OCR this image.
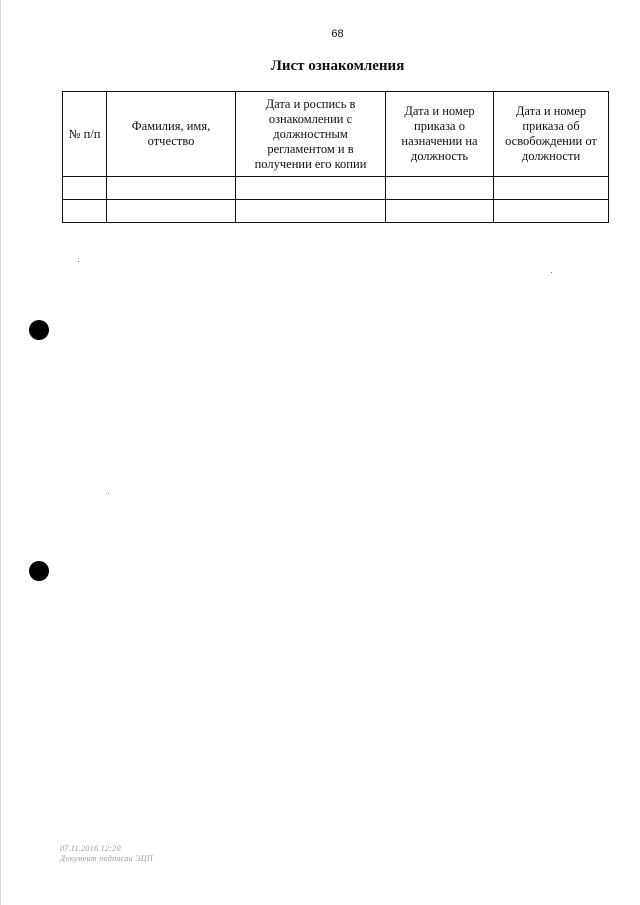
68
Лист ознакомления
№ п/п	Фамилия, имя, отчество	Дата и роспись в ознакомлении с должностным регламентом и в получении его копии	Дата и номер приказа о назначении на должность	Дата и номер приказа об освобождении от должности

07.11.2016 12:20
Документ подписан ЭЦП
